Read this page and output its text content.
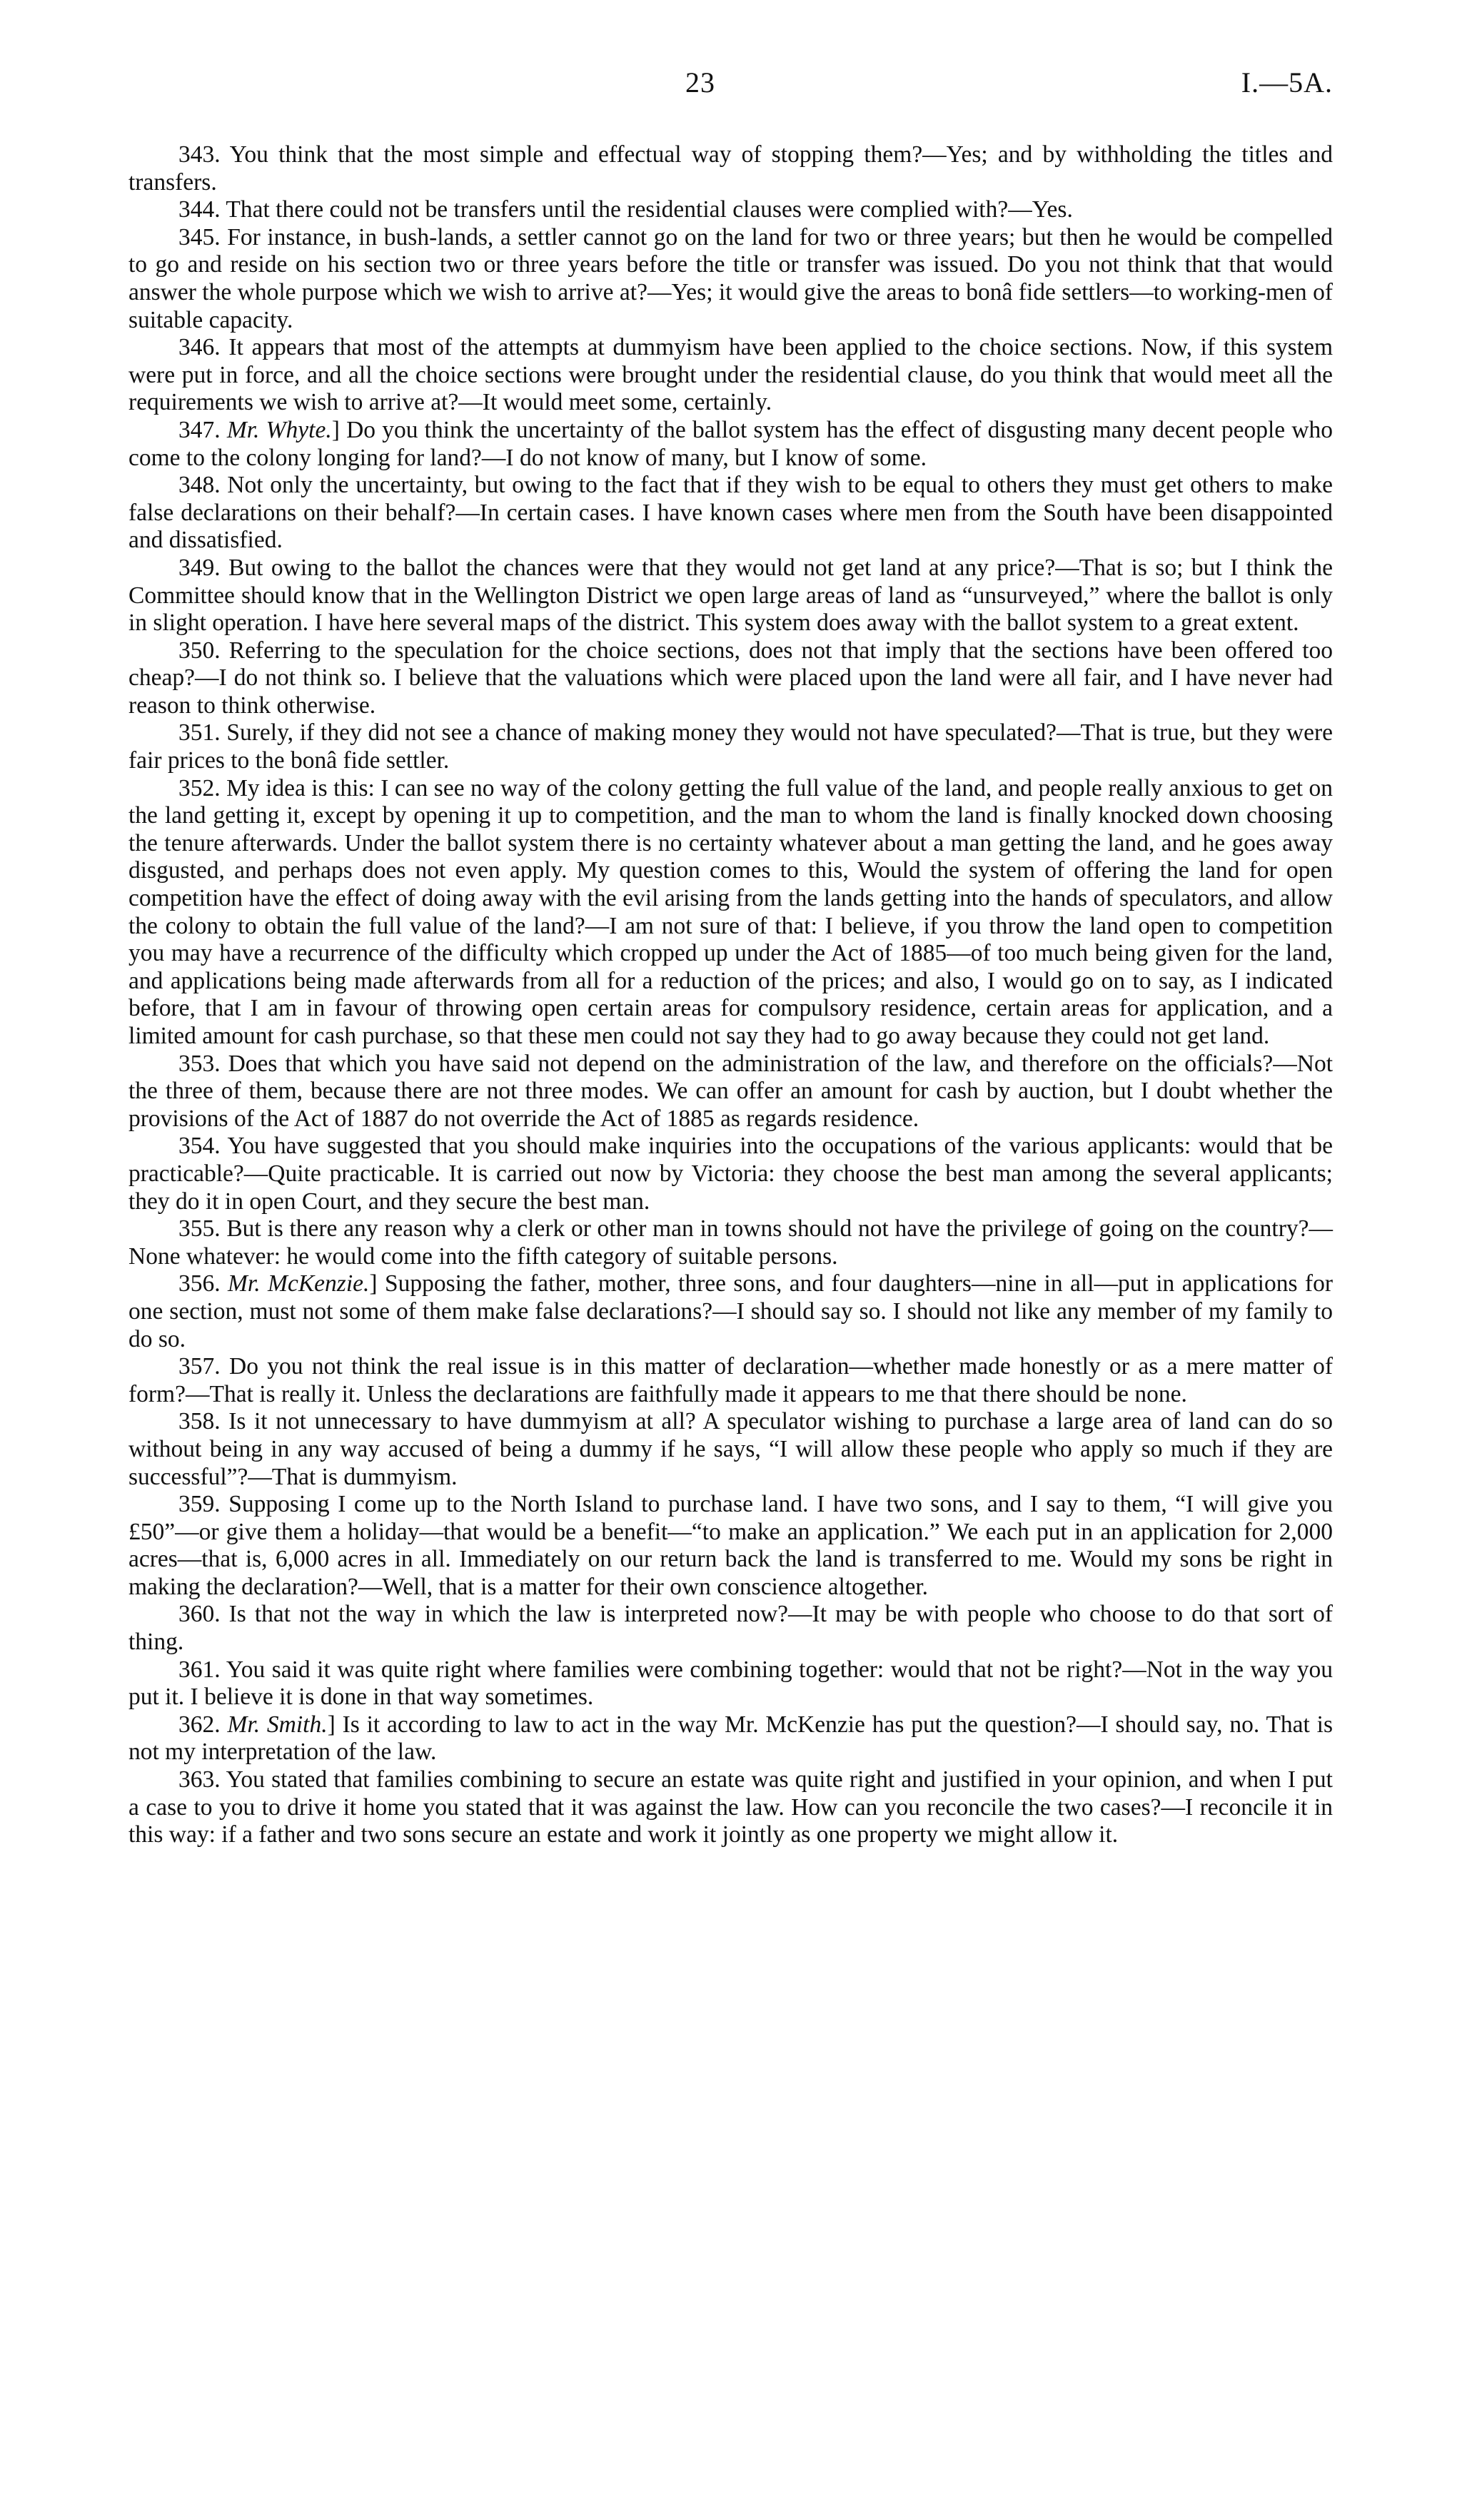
23	I.—5A.

343. You think that the most simple and effectual way of stopping them?—Yes; and by withholding the titles and transfers.

344. That there could not be transfers until the residential clauses were complied with?—Yes.

345. For instance, in bush-lands, a settler cannot go on the land for two or three years; but then he would be compelled to go and reside on his section two or three years before the title or transfer was issued. Do you not think that that would answer the whole purpose which we wish to arrive at?—Yes; it would give the areas to bonâ fide settlers—to working-men of suitable capacity.

346. It appears that most of the attempts at dummyism have been applied to the choice sections. Now, if this system were put in force, and all the choice sections were brought under the residential clause, do you think that would meet all the requirements we wish to arrive at?—It would meet some, certainly.

347. Mr. Whyte.] Do you think the uncertainty of the ballot system has the effect of disgusting many decent people who come to the colony longing for land?—I do not know of many, but I know of some.

348. Not only the uncertainty, but owing to the fact that if they wish to be equal to others they must get others to make false declarations on their behalf?—In certain cases. I have known cases where men from the South have been disappointed and dissatisfied.

349. But owing to the ballot the chances were that they would not get land at any price?—That is so; but I think the Committee should know that in the Wellington District we open large areas of land as “unsurveyed,” where the ballot is only in slight operation. I have here several maps of the district. This system does away with the ballot system to a great extent.

350. Referring to the speculation for the choice sections, does not that imply that the sections have been offered too cheap?—I do not think so. I believe that the valuations which were placed upon the land were all fair, and I have never had reason to think otherwise.

351. Surely, if they did not see a chance of making money they would not have speculated?—That is true, but they were fair prices to the bonâ fide settler.

352. My idea is this: I can see no way of the colony getting the full value of the land, and people really anxious to get on the land getting it, except by opening it up to competition, and the man to whom the land is finally knocked down choosing the tenure afterwards. Under the ballot system there is no certainty whatever about a man getting the land, and he goes away disgusted, and perhaps does not even apply. My question comes to this, Would the system of offering the land for open competition have the effect of doing away with the evil arising from the lands getting into the hands of speculators, and allow the colony to obtain the full value of the land?—I am not sure of that: I believe, if you throw the land open to competition you may have a recurrence of the difficulty which cropped up under the Act of 1885—of too much being given for the land, and applications being made afterwards from all for a reduction of the prices; and also, I would go on to say, as I indicated before, that I am in favour of throwing open certain areas for compulsory residence, certain areas for application, and a limited amount for cash purchase, so that these men could not say they had to go away because they could not get land.

353. Does that which you have said not depend on the administration of the law, and therefore on the officials?—Not the three of them, because there are not three modes. We can offer an amount for cash by auction, but I doubt whether the provisions of the Act of 1887 do not override the Act of 1885 as regards residence.

354. You have suggested that you should make inquiries into the occupations of the various applicants: would that be practicable?—Quite practicable. It is carried out now by Victoria: they choose the best man among the several applicants; they do it in open Court, and they secure the best man.

355. But is there any reason why a clerk or other man in towns should not have the privilege of going on the country?—None whatever: he would come into the fifth category of suitable persons.

356. Mr. McKenzie.] Supposing the father, mother, three sons, and four daughters—nine in all—put in applications for one section, must not some of them make false declarations?—I should say so. I should not like any member of my family to do so.

357. Do you not think the real issue is in this matter of declaration—whether made honestly or as a mere matter of form?—That is really it. Unless the declarations are faithfully made it appears to me that there should be none.

358. Is it not unnecessary to have dummyism at all? A speculator wishing to purchase a large area of land can do so without being in any way accused of being a dummy if he says, “I will allow these people who apply so much if they are successful”?—That is dummyism.

359. Supposing I come up to the North Island to purchase land. I have two sons, and I say to them, “I will give you £50”—or give them a holiday—that would be a benefit—“to make an application.” We each put in an application for 2,000 acres—that is, 6,000 acres in all. Immediately on our return back the land is transferred to me. Would my sons be right in making the declaration?—Well, that is a matter for their own conscience altogether.

360. Is that not the way in which the law is interpreted now?—It may be with people who choose to do that sort of thing.

361. You said it was quite right where families were combining together: would that not be right?—Not in the way you put it. I believe it is done in that way sometimes.

362. Mr. Smith.] Is it according to law to act in the way Mr. McKenzie has put the question?—I should say, no. That is not my interpretation of the law.

363. You stated that families combining to secure an estate was quite right and justified in your opinion, and when I put a case to you to drive it home you stated that it was against the law. How can you reconcile the two cases?—I reconcile it in this way: if a father and two sons secure an estate and work it jointly as one property we might allow it.
